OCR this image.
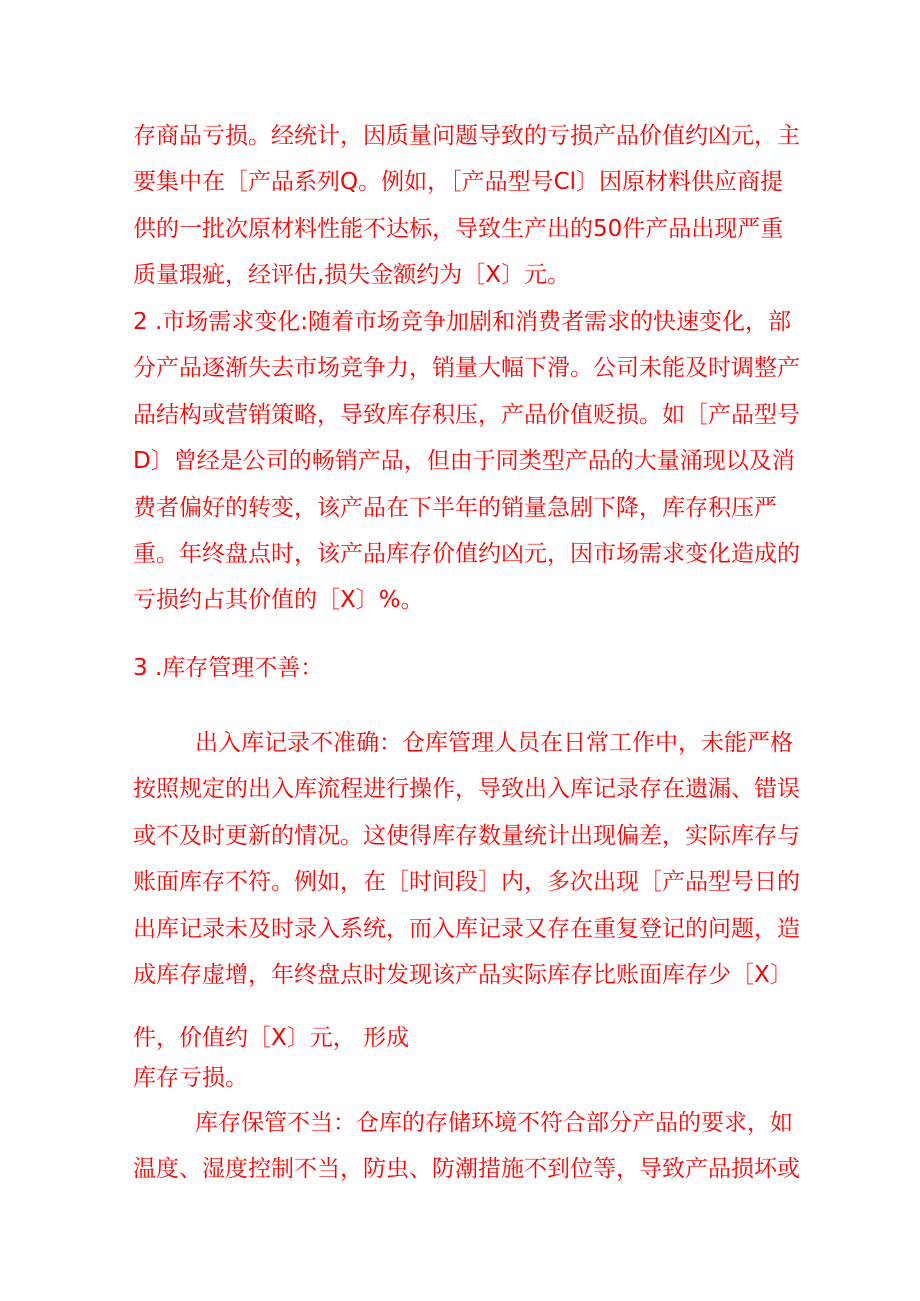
存商品亏损。经统计，因质量问题导致的亏损产品价值约凶元，主要集中在［产品系列Q。例如，［产品型号Cl〕因原材料供应商提供的一批次原材料性能不达标，导致生产出的50件产品出现严重质量瑕疵，经评估,损失金额约为［X〕元。

2 .市场需求变化:随着市场竞争加剧和消费者需求的快速变化，部分产品逐渐失去市场竞争力，销量大幅下滑。公司未能及时调整产品结构或营销策略，导致库存积压，产品价值贬损。如［产品型号D〕曾经是公司的畅销产品，但由于同类型产品的大量涌现以及消费者偏好的转变，该产品在下半年的销量急剧下降，库存积压严重。年终盘点时，该产品库存价值约凶元，因市场需求变化造成的亏损约占其价值的［X〕%。

3 .库存管理不善：

出入库记录不准确：仓库管理人员在日常工作中，未能严格按照规定的出入库流程进行操作，导致出入库记录存在遗漏、错误或不及时更新的情况。这使得库存数量统计出现偏差，实际库存与账面库存不符。例如，在［时间段］内，多次出现［产品型号日的出库记录未及时录入系统，而入库记录又存在重复登记的问题，造成库存虚增，年终盘点时发现该产品实际库存比账面库存少［X〕

件，价值约［X〕元， 形成

库存亏损。

库存保管不当：仓库的存储环境不符合部分产品的要求，如温度、湿度控制不当，防虫、防潮措施不到位等，导致产品损坏或
